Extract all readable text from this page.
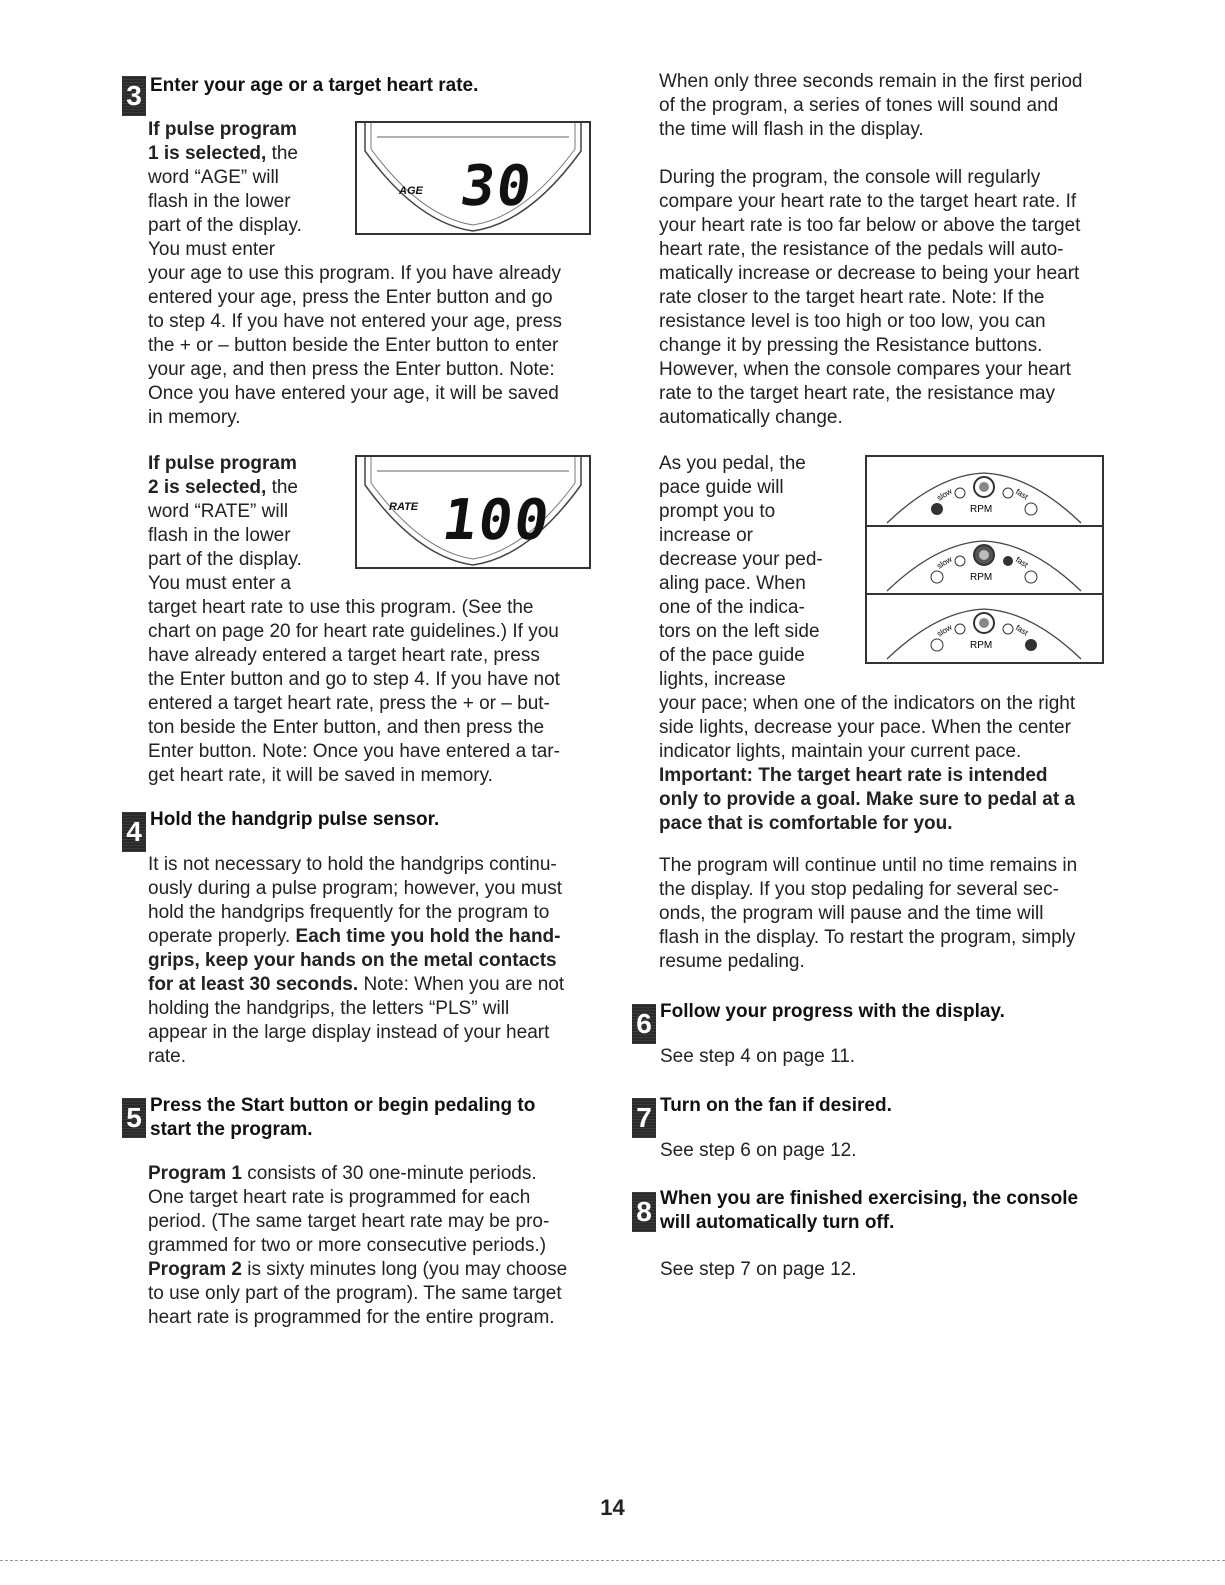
3 Enter your age or a target heart rate.

If pulse program

1 is selected, the

word “AGE” will

flash in the lower

part of the display.

You must enter

your age to use this program. If you have already

entered your age, press the Enter button and go

to step 4. If you have not entered your age, press

the + or – button beside the Enter button to enter

your age, and then press the Enter button. Note:

Once you have entered your age, it will be saved

in memory.

AGE 30

If pulse program

2 is selected, the

word “RATE” will

flash in the lower

part of the display.

You must enter a

target heart rate to use this program. (See the

chart on page 20 for heart rate guidelines.) If you

have already entered a target heart rate, press

the Enter button and go to step 4. If you have not

entered a target heart rate, press the + or – but-

ton beside the Enter button, and then press the

Enter button. Note: Once you have entered a tar-

get heart rate, it will be saved in memory.

RATE 100
4 Hold the handgrip pulse sensor.

It is not necessary to hold the handgrips continu-

ously during a pulse program; however, you must

hold the handgrips frequently for the program to

operate properly. Each time you hold the hand-

grips, keep your hands on the metal contacts

for at least 30 seconds. Note: When you are not

holding the handgrips, the letters “PLS” will

appear in the large display instead of your heart

rate.

5 Press the Start button or begin pedaling to

start the program.

Program 1 consists of 30 one-minute periods.

One target heart rate is programmed for each

period. (The same target heart rate may be pro-

grammed for two or more consecutive periods.)

Program 2 is sixty minutes long (you may choose

to use only part of the program). The same target

heart rate is programmed for the entire program.

When only three seconds remain in the first period

of the program, a series of tones will sound and

the time will flash in the display.

During the program, the console will regularly

compare your heart rate to the target heart rate. If

your heart rate is too far below or above the target

heart rate, the resistance of the pedals will auto-

matically increase or decrease to being your heart

rate closer to the target heart rate. Note: If the

resistance level is too high or too low, you can

change it by pressing the Resistance buttons.

However, when the console compares your heart

rate to the target heart rate, the resistance may

automatically change.

As you pedal, the

pace guide will

prompt you to

increase or

decrease your ped-

aling pace. When

one of the indica-

tors on the left side

of the pace guide

lights, increase

your pace; when one of the indicators on the right

side lights, decrease your pace. When the center

indicator lights, maintain your current pace.

Important: The target heart rate is intended

only to provide a goal. Make sure to pedal at a

pace that is comfortable for you.

RPM
slow	fast
RPM
slow	fast
RPM
slow	fast

The program will continue until no time remains in

the display. If you stop pedaling for several sec-

onds, the program will pause and the time will

flash in the display. To restart the program, simply

resume pedaling.

6 Follow your progress with the display.
See step 4 on page 11.
7 Turn on the fan if desired.
See step 6 on page 12.
8 When you are finished exercising, the console

will automatically turn off.

See step 7 on page 12.
14
